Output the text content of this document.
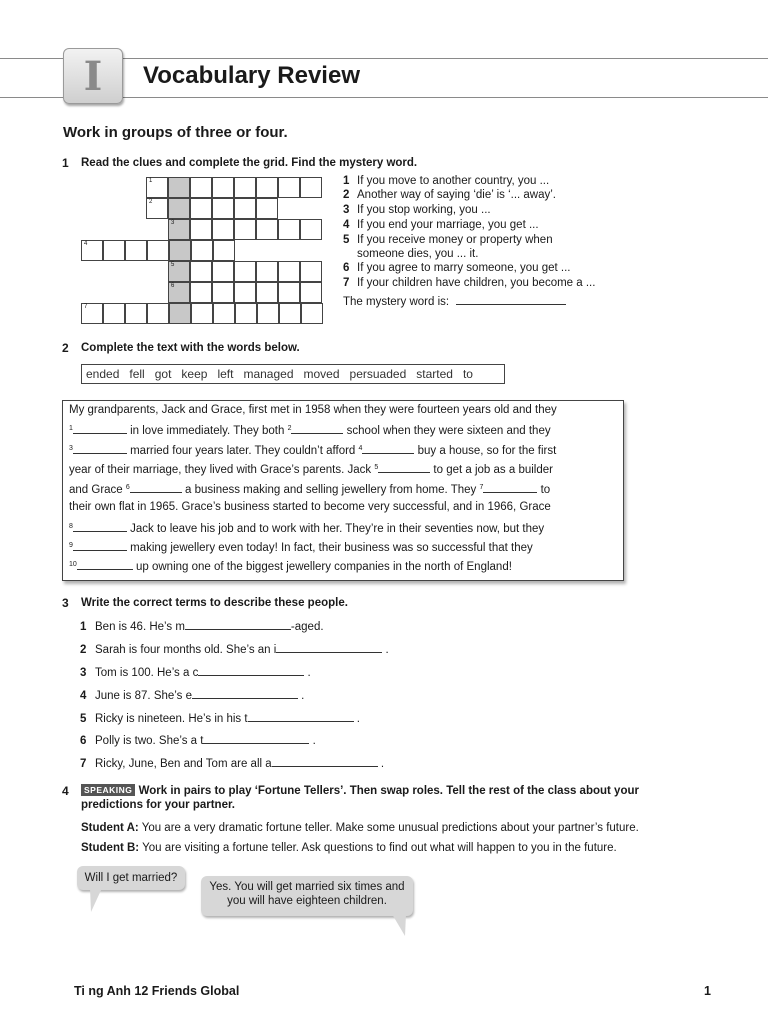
I	Vocabulary Review
Work in groups of three or four.
1 Read the clues and complete the grid. Find the mystery word.
1
2
3
4
5
6
7
1 If you move to another country, you ...
2 Another way of saying ‘die’ is ‘... away’.
3 If you stop working, you ...
4 If you end your marriage, you get ...
5 If you receive money or property when
someone dies, you ... it.
6 If you agree to marry someone, you get ...
7 If your children have children, you become a ...
The mystery word is:
2 Complete the text with the words below.
ended fell got keep left managed moved persuaded started to
My grandparents, Jack and Grace, first met in 1958 when they were fourteen years old and they
$^1$	in love immediately. They both $^2$	school when they were sixteen and they
$^3$	married four years later. They couldn’t afford $^4$	buy a house, so for the first
year of their marriage, they lived with Grace’s parents. Jack $^5$	to get a job as a builder
and Grace $^6$	a business making and selling jewellery from home. They $^7$	to
their own flat in 1965. Grace’s business started to become very successful, and in 1966, Grace
$^8$	Jack to leave his job and to work with her. They’re in their seventies now, but they
$^9$	making jewellery even today! In fact, their business was so successful that they
$^{10}$	up owning one of the biggest jewellery companies in the north of England!
3 Write the correct terms to describe these people.
1 Ben is 46. He’s m	-aged.
2 Sarah is four months old. She’s an i	.
3 Tom is 100. He’s a c	.
4 June is 87. She’s e	.
5 Ricky is nineteen. He’s in his t	.
6 Polly is two. She’s a t	.
7 Ricky, June, Ben and Tom are all a	.
4	SPEAKING Work in pairs to play ‘Fortune Tellers’. Then swap roles. Tell the rest of the class about your
predictions for your partner.
Student A: You are a very dramatic fortune teller. Make some unusual predictions about your partner’s future.
Student B: You are visiting a fortune teller. Ask questions to find out what will happen to you in the future.
Will I get married?
Yes. You will get married six times and
you will have eighteen children.
Ti ng Anh 12 Friends Global	1
